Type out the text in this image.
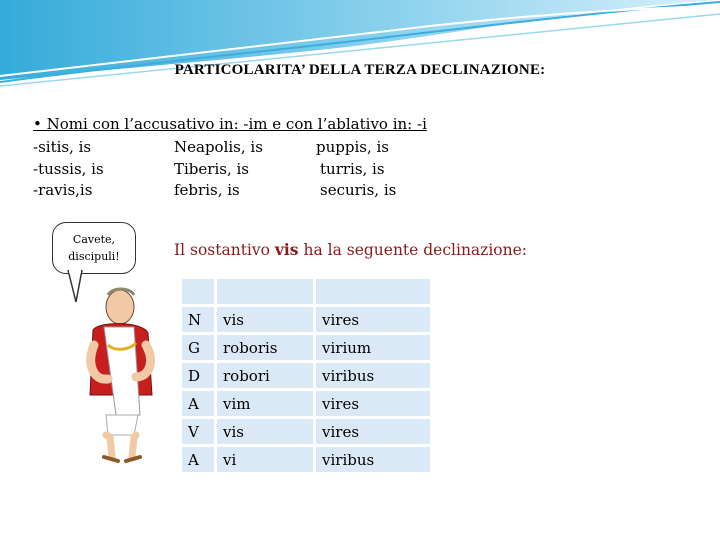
PARTICOLARITA’ DELLA TERZA DECLINAZIONE:
• Nomi con l’accusativo in: -im e con l’ablativo in: -i
-sitis, is	Neapolis, is	puppis, is
-tussis, is	Tiberis, is	turris, is
-ravis,is	febris, is	securis, is
Cavete,
discipuli!	Il sostantivo vis ha la seguente declinazione:

N	vis	vires
G	roboris	virium
D	robori	viribus
A	vim	vires
V	vis	vires
A	vi	viribus
